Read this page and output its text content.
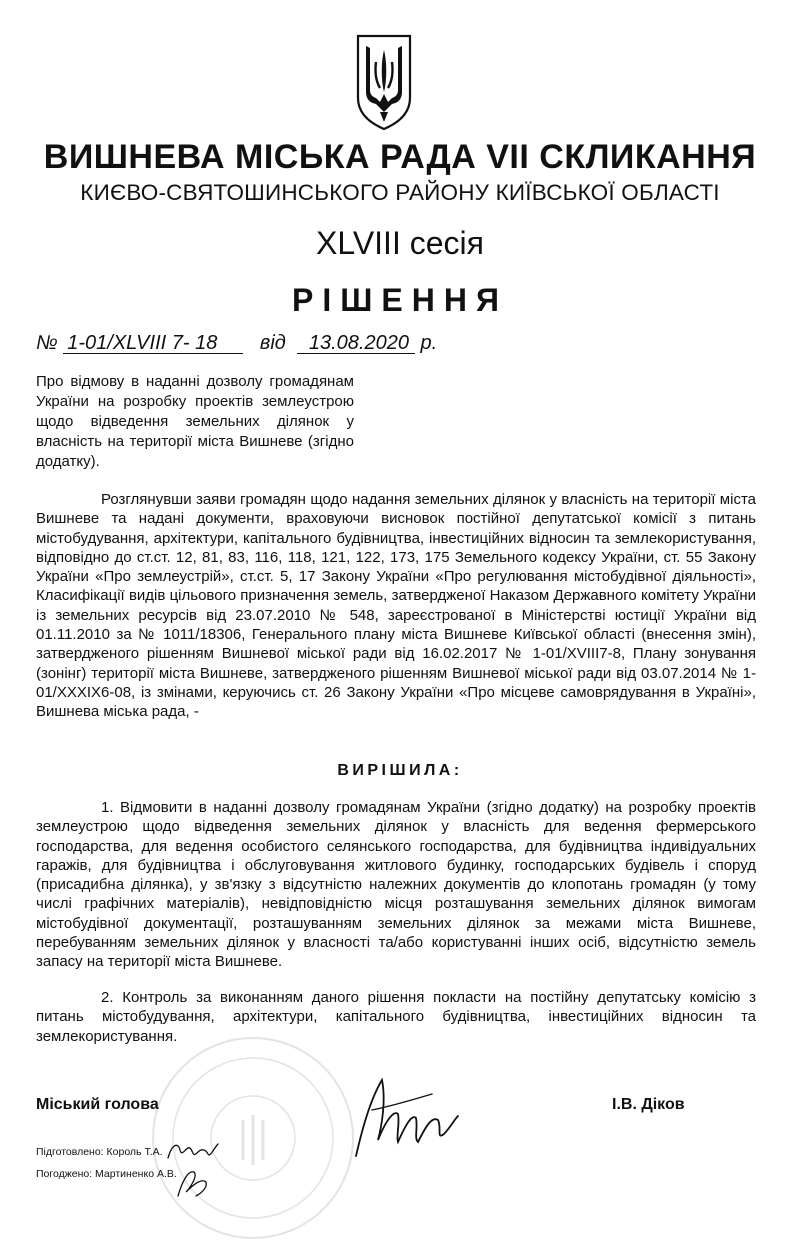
ВИШНЕВА МІСЬКА РАДА VII СКЛИКАННЯ
КИЄВО-СВЯТОШИНСЬКОГО РАЙОНУ КИЇВСЬКОЇ ОБЛАСТІ
XLVIII сесія
РІШЕННЯ
№ 1-01/XLVIII 7- 18 від 13.08.2020 р.
Про відмову в наданні дозволу громадянам України на розробку проектів землеустрою щодо відведення земельних ділянок у власність на території міста Вишневе (згідно додатку).
Розглянувши заяви громадян щодо надання земельних ділянок у власність на території міста Вишневе та надані документи, враховуючи висновок постійної депутатської комісії з питань містобудування, архітектури, капітального будівництва, інвестиційних відносин та землекористування, відповідно до ст.ст. 12, 81, 83, 116, 118, 121, 122, 173, 175 Земельного кодексу України, ст. 55 Закону України «Про землеустрій», ст.ст. 5, 17 Закону України «Про регулювання містобудівної діяльності», Класифікації видів цільового призначення земель, затвердженої Наказом Державного комітету України із земельних ресурсів від 23.07.2010 № 548, зареєстрованої в Міністерстві юстиції України від 01.11.2010 за № 1011/18306, Генерального плану міста Вишневе Київської області (внесення змін), затвердженого рішенням Вишневої міської ради від 16.02.2017 № 1-01/XVIII7-8, Плану зонування (зонінг) території міста Вишневе, затвердженого рішенням Вишневої міської ради від 03.07.2014 № 1-01/XXXIX6-08, із змінами, керуючись ст. 26 Закону України «Про місцеве самоврядування в Україні», Вишнева міська рада, -
ВИРІШИЛА:
1. Відмовити в наданні дозволу громадянам України (згідно додатку) на розробку проектів землеустрою щодо відведення земельних ділянок у власність для ведення фермерського господарства, для ведення особистого селянського господарства, для будівництва індивідуальних гаражів, для будівництва і обслуговування житлового будинку, господарських будівель і споруд (присадибна ділянка), у зв'язку з відсутністю належних документів до клопотань громадян (у тому числі графічних матеріалів), невідповідністю місця розташування земельних ділянок вимогам містобудівної документації, розташуванням земельних ділянок за межами міста Вишневе, перебуванням земельних ділянок у власності та/або користуванні інших осіб, відсутністю земель запасу на території міста Вишневе.
2. Контроль за виконанням даного рішення покласти на постійну депутатську комісію з питань містобудування, архітектури, капітального будівництва, інвестиційних відносин та землекористування.
Міський голова	І.В. Діков
Підготовлено: Король Т.А.
Погоджено: Мартиненко А.В.
